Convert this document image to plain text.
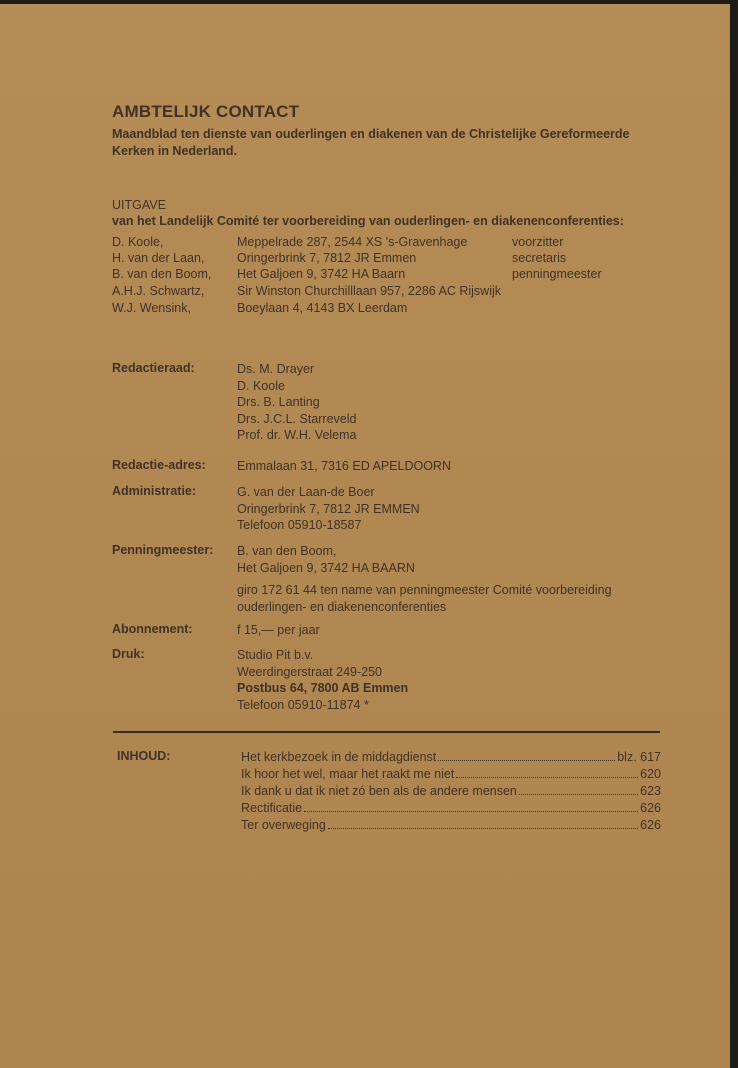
AMBTELIJK CONTACT

Maandblad ten dienste van ouderlingen en diakenen van de Christelijke Gereformeerde Kerken in Nederland.

UITGAVE
van het Landelijk Comité ter voorbereiding van ouderlingen- en diakenenconferenties:
D. Koole,	Meppelrade 287, 2544 XS 's-Gravenhage	voorzitter
H. van der Laan,	Oringerbrink 7, 7812 JR Emmen	secretaris
B. van den Boom, Het Galjoen 9, 3742 HA Baarn	penningmeester
A.H.J. Schwartz,	Sir Winston Churchilllaan 957, 2286 AC Rijswijk
W.J. Wensink,	Boeylaan 4, 4143 BX Leerdam
Redactieraad:	Ds. M. Drayer
D. Koole
Drs. B. Lanting
Drs. J.C.L. Starreveld
Prof. dr. W.H. Velema
Redactie-adres: Emmalaan 31, 7316 ED APELDOORN
Administratie:	G. van der Laan-de Boer
Oringerbrink 7, 7812 JR EMMEN
Telefoon 05910-18587
Penningmeester: B. van den Boom,
Het Galjoen 9, 3742 HA BAARN
giro 172 61 44 ten name van penningmeester Comité voorbereiding ouderlingen- en diakenenconferenties
Abonnement:	f 15,— per jaar
Druk:	Studio Pit b.v.
Weerdingerstraat 249-250
Postbus 64, 7800 AB Emmen
Telefoon 05910-11874 *
INHOUD:	Het kerkbezoek in de middagdienst	blz. 617
Ik hoor het wel, maar het raakt me niet	620
Ik dank u dat ik niet zó ben als de andere mensen	623
Rectificatie	626
Ter overweging	626
